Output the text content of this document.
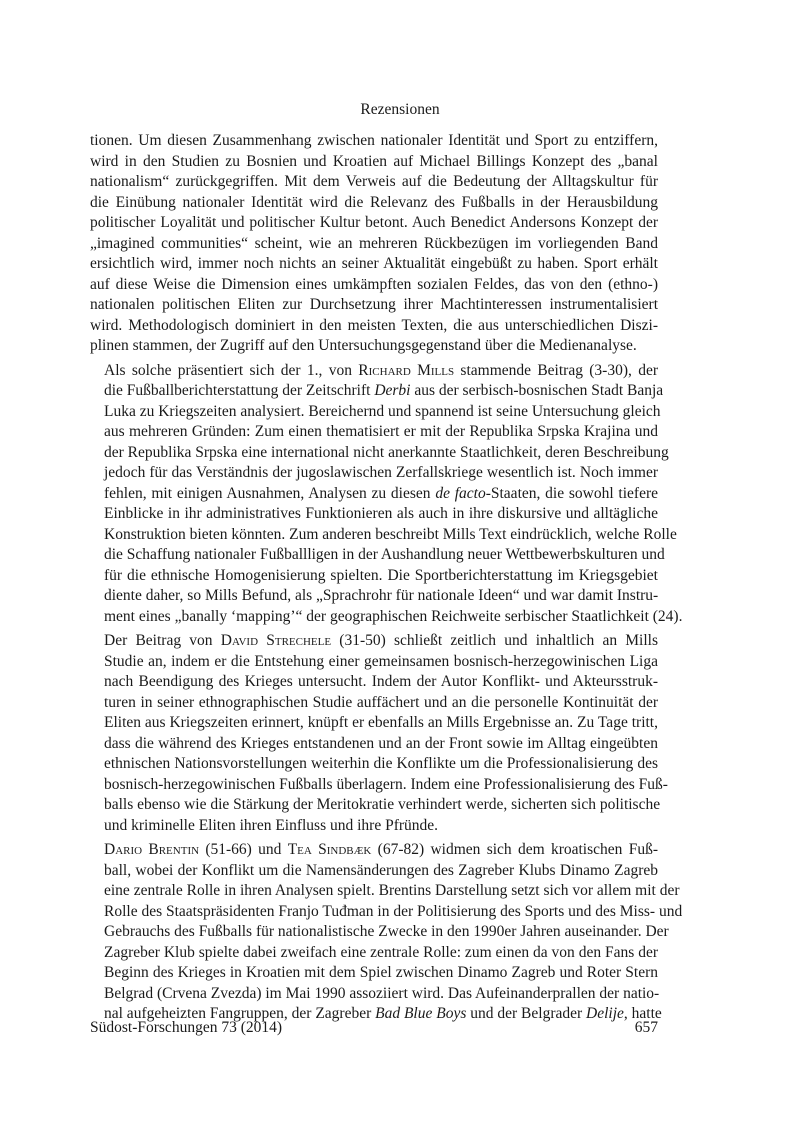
Rezensionen

tionen. Um diesen Zusammenhang zwischen nationaler Identität und Sport zu entziffern,
wird in den Studien zu Bosnien und Kroatien auf Michael Billings Konzept des „banal
nationalism“ zurückgegriffen. Mit dem Verweis auf die Bedeutung der Alltagskultur für
die Einübung nationaler Identität wird die Relevanz des Fußballs in der Herausbildung
politischer Loyalität und politischer Kultur betont. Auch Benedict Andersons Konzept der
„imagined communities“ scheint, wie an mehreren Rückbezügen im vorliegenden Band
ersichtlich wird, immer noch nichts an seiner Aktualität eingebüßt zu haben. Sport erhält
auf diese Weise die Dimension eines umkämpften sozialen Feldes, das von den (ethno-)
nationalen politischen Eliten zur Durchsetzung ihrer Machtinteressen instrumentalisiert
wird. Methodologisch dominiert in den meisten Texten, die aus unterschiedlichen Diszi-
plinen stammen, der Zugriff auf den Untersuchungsgegenstand über die Medienanalyse.

Als solche präsentiert sich der 1., von Richard Mills stammende Beitrag (3-30), der
die Fußballberichterstattung der Zeitschrift Derbi aus der serbisch-bosnischen Stadt Banja
Luka zu Kriegszeiten analysiert. Bereichernd und spannend ist seine Untersuchung gleich
aus mehreren Gründen: Zum einen thematisiert er mit der Republika Srpska Krajina und
der Republika Srpska eine international nicht anerkannte Staatlichkeit, deren Beschreibung
jedoch für das Verständnis der jugoslawischen Zerfallskriege wesentlich ist. Noch immer
fehlen, mit einigen Ausnahmen, Analysen zu diesen de facto-Staaten, die sowohl tiefere
Einblicke in ihr administratives Funktionieren als auch in ihre diskursive und alltägliche
Konstruktion bieten könnten. Zum anderen beschreibt Mills Text eindrücklich, welche Rolle
die Schaffung nationaler Fußballligen in der Aushandlung neuer Wettbewerbskulturen und
für die ethnische Homogenisierung spielten. Die Sportberichterstattung im Kriegsgebiet
diente daher, so Mills Befund, als „Sprachrohr für nationale Ideen“ und war damit Instru-
ment eines „banally ‘mapping’“ der geographischen Reichweite serbischer Staatlichkeit (24).

Der Beitrag von David Strechele (31-50) schließt zeitlich und inhaltlich an Mills
Studie an, indem er die Entstehung einer gemeinsamen bosnisch-herzegowinischen Liga
nach Beendigung des Krieges untersucht. Indem der Autor Konflikt- und Akteursstruk-
turen in seiner ethnographischen Studie auffächert und an die personelle Kontinuität der
Eliten aus Kriegszeiten erinnert, knüpft er ebenfalls an Mills Ergebnisse an. Zu Tage tritt,
dass die während des Krieges entstandenen und an der Front sowie im Alltag eingeübten
ethnischen Nationsvorstellungen weiterhin die Konflikte um die Professionalisierung des
bosnisch-herzegowinischen Fußballs überlagern. Indem eine Professionalisierung des Fuß-
balls ebenso wie die Stärkung der Meritokratie verhindert werde, sicherten sich politische
und kriminelle Eliten ihren Einfluss und ihre Pfründe.

Dario Brentin (51-66) und Tea Sindbæk (67-82) widmen sich dem kroatischen Fuß-
ball, wobei der Konflikt um die Namensänderungen des Zagreber Klubs Dinamo Zagreb
eine zentrale Rolle in ihren Analysen spielt. Brentins Darstellung setzt sich vor allem mit der
Rolle des Staatspräsidenten Franjo Tuđman in der Politisierung des Sports und des Miss- und
Gebrauchs des Fußballs für nationalistische Zwecke in den 1990er Jahren auseinander. Der
Zagreber Klub spielte dabei zweifach eine zentrale Rolle: zum einen da von den Fans der
Beginn des Krieges in Kroatien mit dem Spiel zwischen Dinamo Zagreb und Roter Stern
Belgrad (Crvena Zvezda) im Mai 1990 assoziiert wird. Das Aufeinanderprallen der natio-
nal aufgeheizten Fangruppen, der Zagreber Bad Blue Boys und der Belgrader Delije, hatte

Südost-Forschungen 73 (2014)	657
